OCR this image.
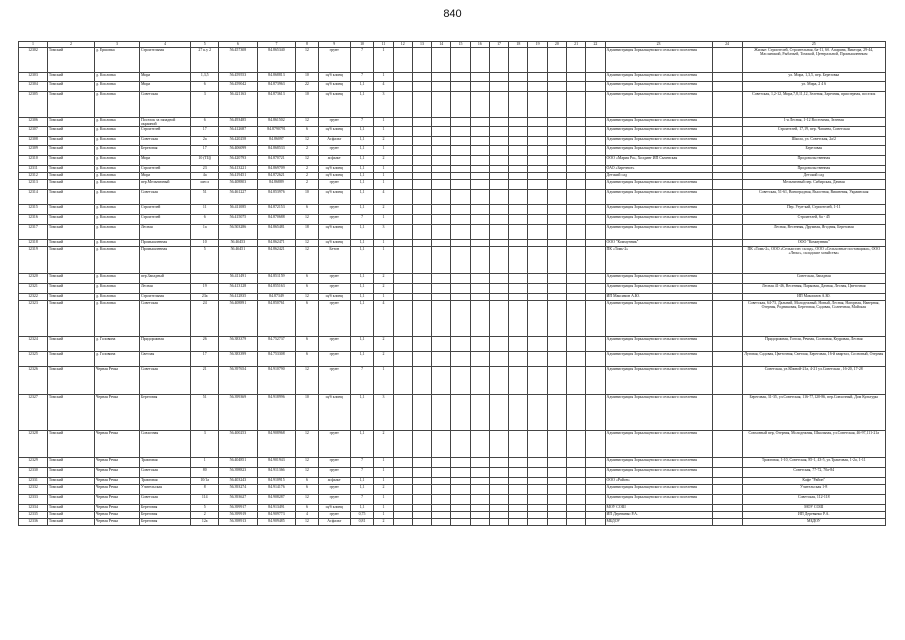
840
1	2	3	4	5	6	7	8	9	10	11	12	13	14	15	16	17	18	19	20	21	22	23	24	25
12302	Томский	д. Ершовка	Строительная	27 к.у 2	56.457308	84.865340	12	грунт	7	1												Администрация Зоркальцевского сельского поселения		Жилые: Строителей, Строительная, 6а-11, 6б. Апарина, Виктора, 29-44, Маслянский, Рыбачьей, Томской, Центральной, Промышленным
12303	Томский	д. Кисловка	Мира	1,3,5	56.459553	84.868813	10	щ/б клинц	7	1												Администрация Зоркальцевского сельского поселения		ул. Мира, 1,3,5, пер. Березовка
12304	Томский	д. Кисловка	Мира	6	56.459042	84.873963	22	щ/б клинц	1,1	4												Администрация Зоркальцевского сельского поселения		ул. Мира, 2 4 6
12305	Томский	д. Кисловка	Советская	3	56.421163	84.873613	10	щ/б клинц	1,1	3												Администрация Зоркальцевского сельского поселения		Советская, 1,2-12, Мира,7,8,11,12, Зеленая, Заречная, приозерная, поселок
12306	Томский	д. Кисловка	Поселок за западной окраиной	6	56.493485	84.861502	12	грунт	7	1												Администрация Зоркальцевского сельского поселения		1-я Лесная, 1-12 Восточная, Зеленая
12307	Томский	д. Кисловка	Строителей	17	56.412687	84.8790791	6	щ/б клинц	1,1	1												Администрация Зоркальцевского сельского поселения		Строителей, 17,19, пер. Чапаева, Советская
12308	Томский	д. Кисловка	Советская	2а	56.420258	84.86097	12	Асфальт	1,1	2												Администрация Зоркальцевского сельского поселения		Школа, ул. Советская, 2а/2
12309	Томский	д. Кисловка	Березовая	17	56.406099	84.868533	2	грунт	1,1	1												Администрация Зоркальцевского сельского поселения		Березовая
12310	Томский	д. Кисловка	Мира	10 (ТЦ)	56.420793	84.870721	12	асфальт	1,1	2												ООО «Мария Ра», Холдинг ИП Сычевская		Продовольственная
12311	Томский	д. Кисловка	Строителей	23	56.413221	84.869709	2	щ/б клинц	1,1	1												ОАО «Заречное»		Продовольственная
12312	Томский	д. Кисловка	Мира	4а	56.419451	84.872621	2	щ/б клинц	1,1	1												Детский сад		Детский сад
12313	Томский	д. Кисловка	пер.Мельничный	шесл	56.408803	84.86889	2	грунт	1,1	1												Администрация Зоркальцевского сельского поселения		Мельничный пер. Сибирская, Дачная
12314	Томский	д. Кисловка	Советская	51	56.461227	84.853976	10	щ/б клинц	1,1	4												Администрация Зоркальцевского сельского поселения		Советская, 51-61, Виноградная, Высотная, Вишневая, Украинская
12315	Томский	д. Кисловка	Строителей	11	56.411085	84.872153	6	грунт	1,1	2												Администрация Зоркальцевского сельского поселения		Пер. Узун-кай, Строителей, 1-11
12316	Томский	д. Кисловка	Строителей	6	56.415075	84.870688	12	грунт	7	1												Администрация Зоркальцевского сельского поселения		Строителей, 6а - 45
12317	Томский	д. Кисловка	Лесная	1а	56.503286	84.865481	18	щ/б клинц	1,1	3												Администрация Зоркальцевского сельского поселения		Лесная, Весенняя, Дружная, Ягодная, Березовая
12318	Томский	д. Кисловка	Промышленная	10	56.46453	84.862471	12	щ/б клинц	1,1	1												ООО "Коммунник"		ООО "Коммунник"
12319	Томский	д. Кисловка	Промышленная	5	56.46451	84.862421	12	Бетон	1,1	1												ПК «Томь-2»		ПК «Томь-2», ООО «Сельхозлес склад», ООО «Сельхозные поставщики», ООО «Люкс», складские хозяйства»
12320	Томский	д. Кисловка	пер.Западный		56.411491	84.851159	6	грунт	1,1	2												Администрация Зоркальцевского сельского поселения		Советская, Западная
12321	Томский	д. Кисловка	Лесная	19	56.413128	84.855163	6	грунт	1,1	2												Администрация Зоркальцевского сельского поселения		Лесная 41-46, Весенняя, Парковая, Дачная, Лесная, Цветочная
12322	Томский	д. Кисловка	Строительная	23а	56.412835	84.87349	12	щ/б клинц	1,1	1												ИП Максимов А.Ю.		ИП Максимов А.Ю.
12323	Томский	д. Кисловка	Советская	24	56.408891	84.850761	6	грунт	1,1	4												Администрация Зоркальцевского сельского поселения		Советская, 64-73, Дальний, Молодежный, Новый, Лесная, Нагорная, Наверная, Озерная, Родниковая, Береговая, Садовая, Солнечная, Майская
12324	Томский	д. Головина	Придорожная	26	56.383379	84.752737	6	грунт	1,1	2												Администрация Зоркальцевского сельского поселения		Придорожная, Гоголя, Речная, Сосновая, Кедровая, Лесная
12325	Томский	д. Головина	Светлая	17	56.383399	84.753308	6	грунт	1,1	2												Администрация Зоркальцевского сельского поселения		Луговая, Садовая, Цветочная, Светлая, Береговая, 16-й квартал, Сосновый, Озерная
12326	Томский	Черная Речка	Советская	21	56.397654	84.910790	12	грунт	7	1												Администрация Зоркальцевского сельского поселения		Советская, ул.Южной-21а, 4-21 ул.Советская , 16-20, 17-28
12327	Томский	Черная Речка	Береговая	51	56.399369	84.918996	10	щ/б клинц	1,1	3												Администрация Зоркальцевского сельского поселения		Береговая, 31-35, ул.Советская, 116-77,120-86, пер.Совхозный, Дом Культуры
12328	Томский	Черная Речка	Совхозная	3	56.400253	84.908968	12	грунт	1,1	2												Администрация Зоркальцевского сельского поселения		Совхозный пер, Озерная, Молодежная, Школьная, ул.Советская, 46-97,111-21а
12329	Томский	Черная Речка	Трактовая	1	56.404851	84.901943	12	грунт	7	1												Администрация Зоркальцевского сельского поселения		Трактовая, 1-10, Советская, 85-1, 43-5, ул.Трактовая, 1-2а, 1-11
12330	Томский	Черная Речка	Советская	80	56.398823	84.911366	12	грунт	7	1												Администрация Зоркальцевского сельского поселения		Советская, 77-72, 70а-84
12331	Томский	Черная Речка	Трактовая	10/1а	56.403243	84.910915	6	асфальт	1,1	1												ООО «Район»		Кафе "Район"
12332	Томский	Черная Речка	Учительская	8	56.393274	84.914176	6	грунт	1,1	2												Администрация Зоркальцевского сельского поселения		Учительская 1-8
12333	Томский	Черная Речка	Советская	114	56.393627	84.908287	12	грунт	7	1												Администрация Зоркальцевского сельского поселения		Советская, 112-118
12334	Томский	Черная Речка	Береговая	5	56.399917	84.913491	6	щ/б клинц	1,1	1												МОУ СОШ		МОУ СОШ
12335	Томский	Черная Речка	Береговая	2	56.399919	84.909773	4	грунт	0,75	1												ИП Деревянко Р.А.		ИП Деревянко Р.А.
12336	Томский	Черная Речка	Береговая	12а	56.398913	84.909485	12	Асфальт	0,81	2												МБДОУ		МБДОУ
